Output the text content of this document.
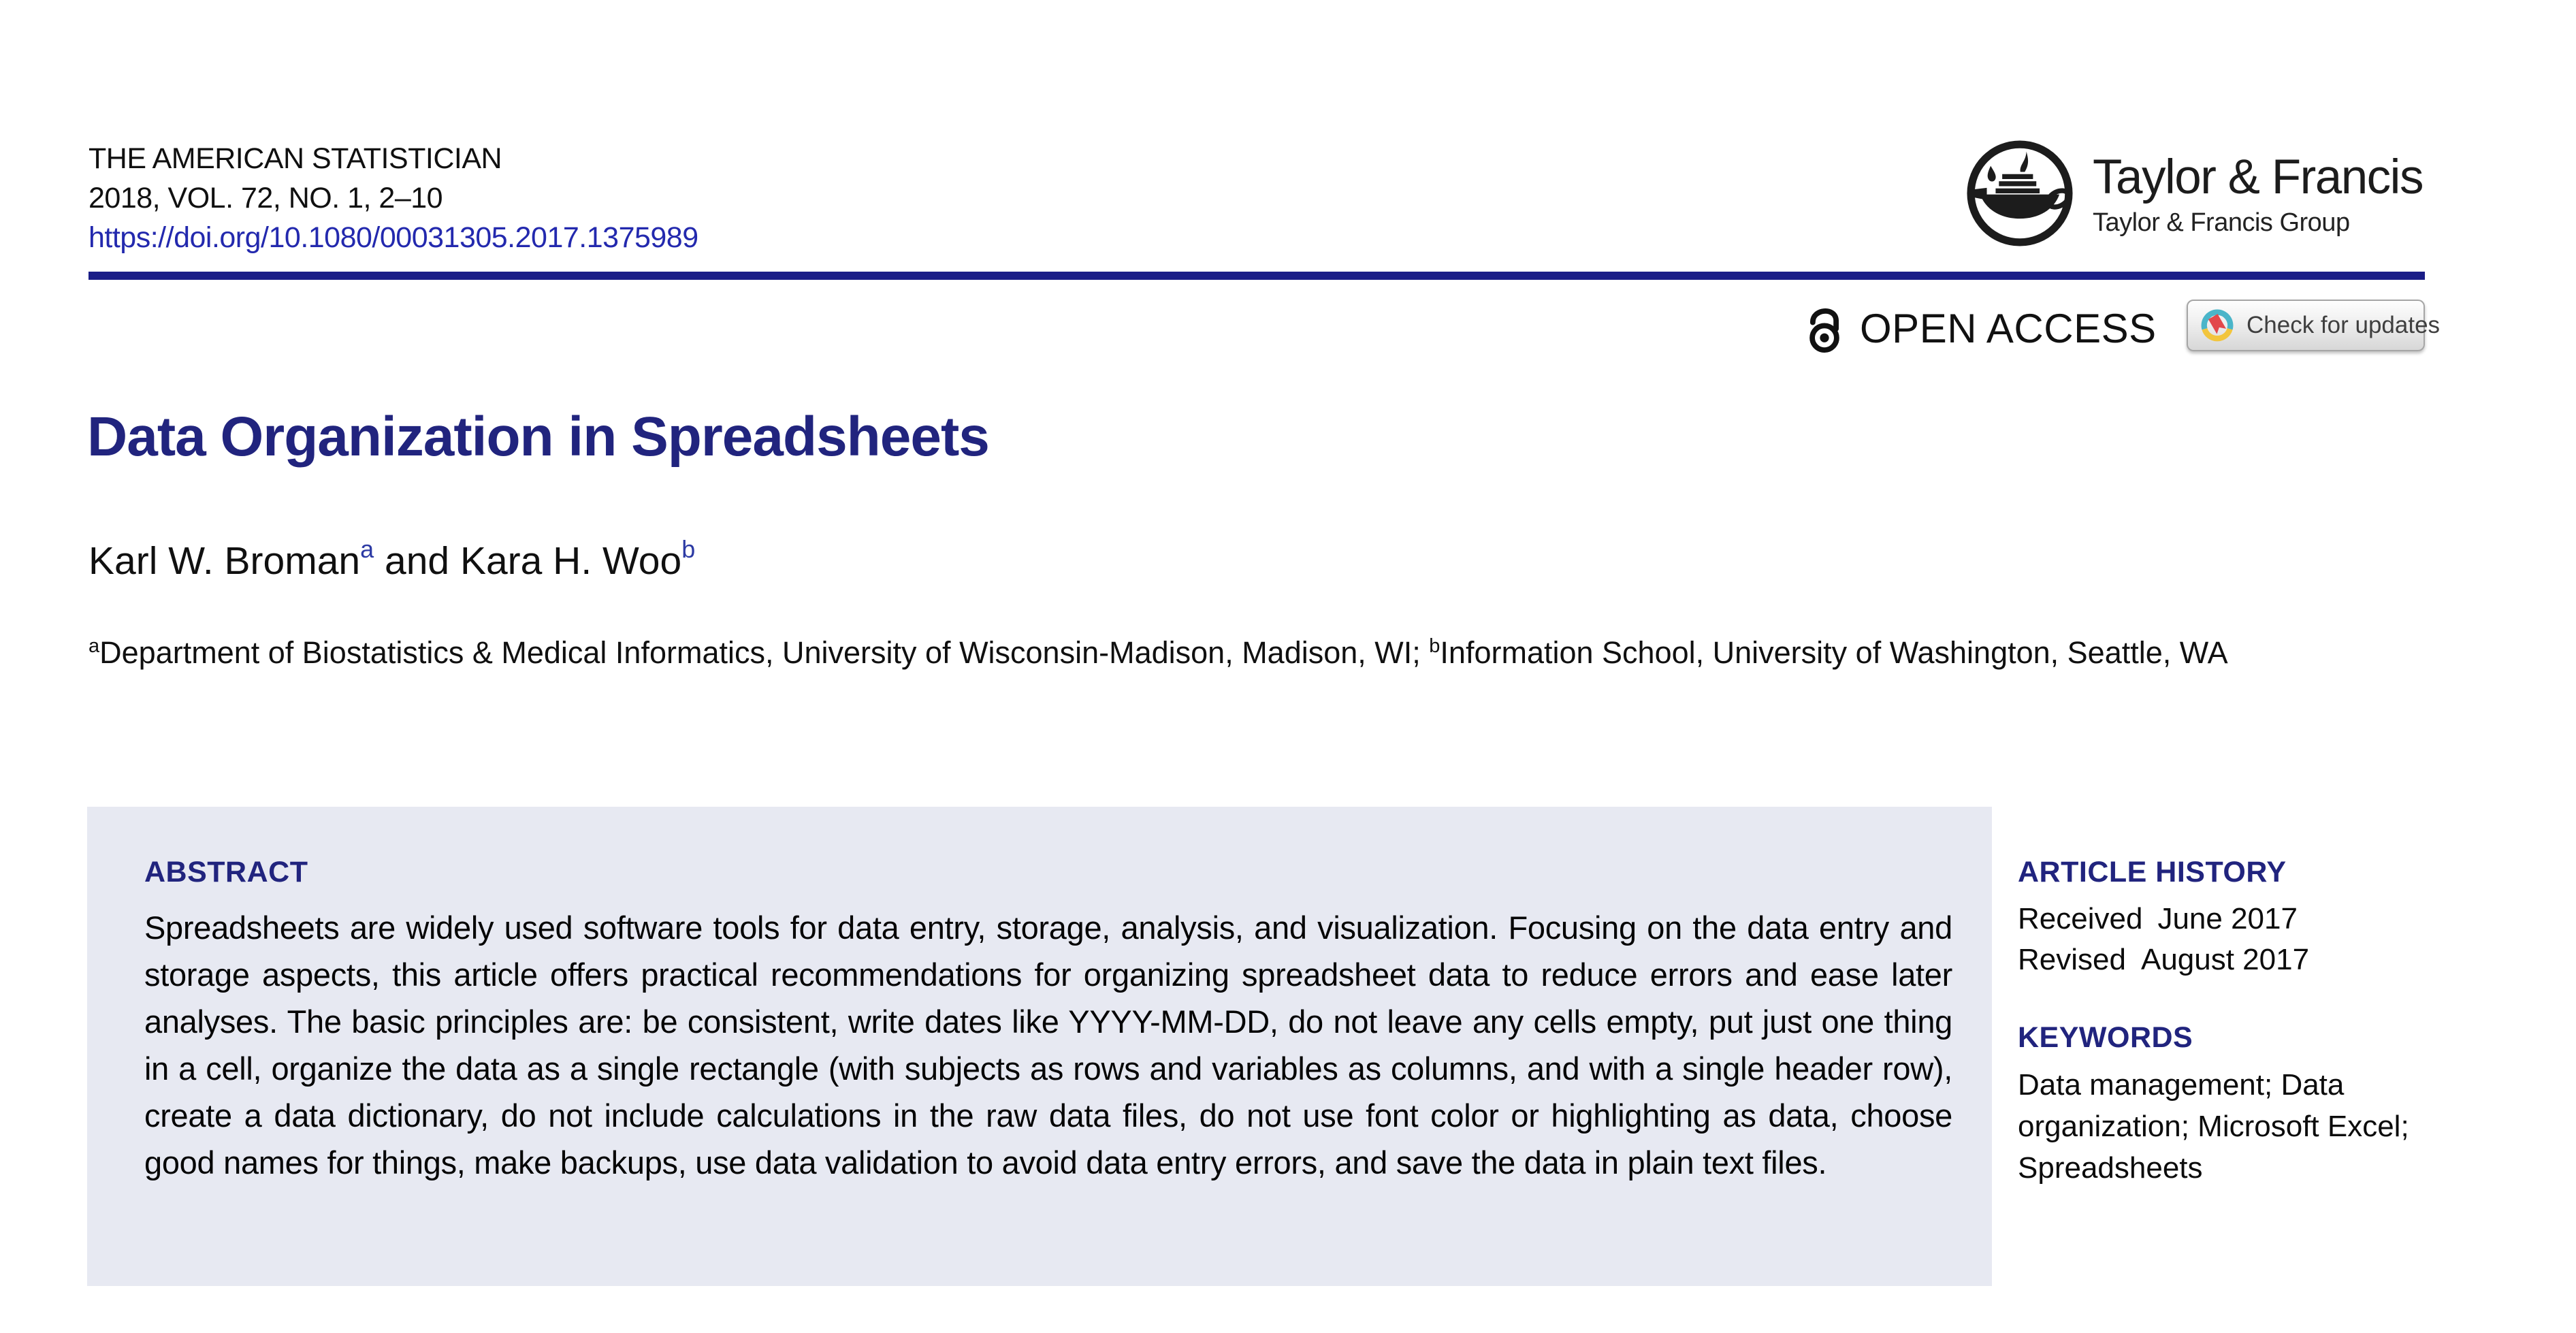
THE AMERICAN STATISTICIAN
2018, VOL. 72, NO. 1, 2–10
https://doi.org/10.1080/00031305.2017.1375989
Taylor & Francis
Taylor & Francis Group
OPEN ACCESS	Check for updates
Data Organization in Spreadsheets
Karl W. Broman$^a$ and Kara H. Woo$^b$
$^a$Department of Biostatistics & Medical Informatics, University of Wisconsin-Madison, Madison, WI; $^b$Information School, University of Washington, Seattle, WA
ABSTRACT

Spreadsheets are widely used software tools for data entry, storage, analysis, and visualization. Focusing on the data entry and storage aspects, this article offers practical recommendations for organizing spreadsheet data to reduce errors and ease later analyses. The basic principles are: be consistent, write dates like YYYY-MM-DD, do not leave any cells empty, put just one thing in a cell, organize the data as a single rectangle (with subjects as rows and variables as columns, and with a single header row), create a data dictionary, do not include calculations in the raw data files, do not use font color or highlighting as data, choose good names for things, make backups, use data validation to avoid data entry errors, and save the data in plain text files.

ARTICLE HISTORY
Received June 2017
Revised August 2017
KEYWORDS
Data management; Data organization; Microsoft Excel; Spreadsheets
